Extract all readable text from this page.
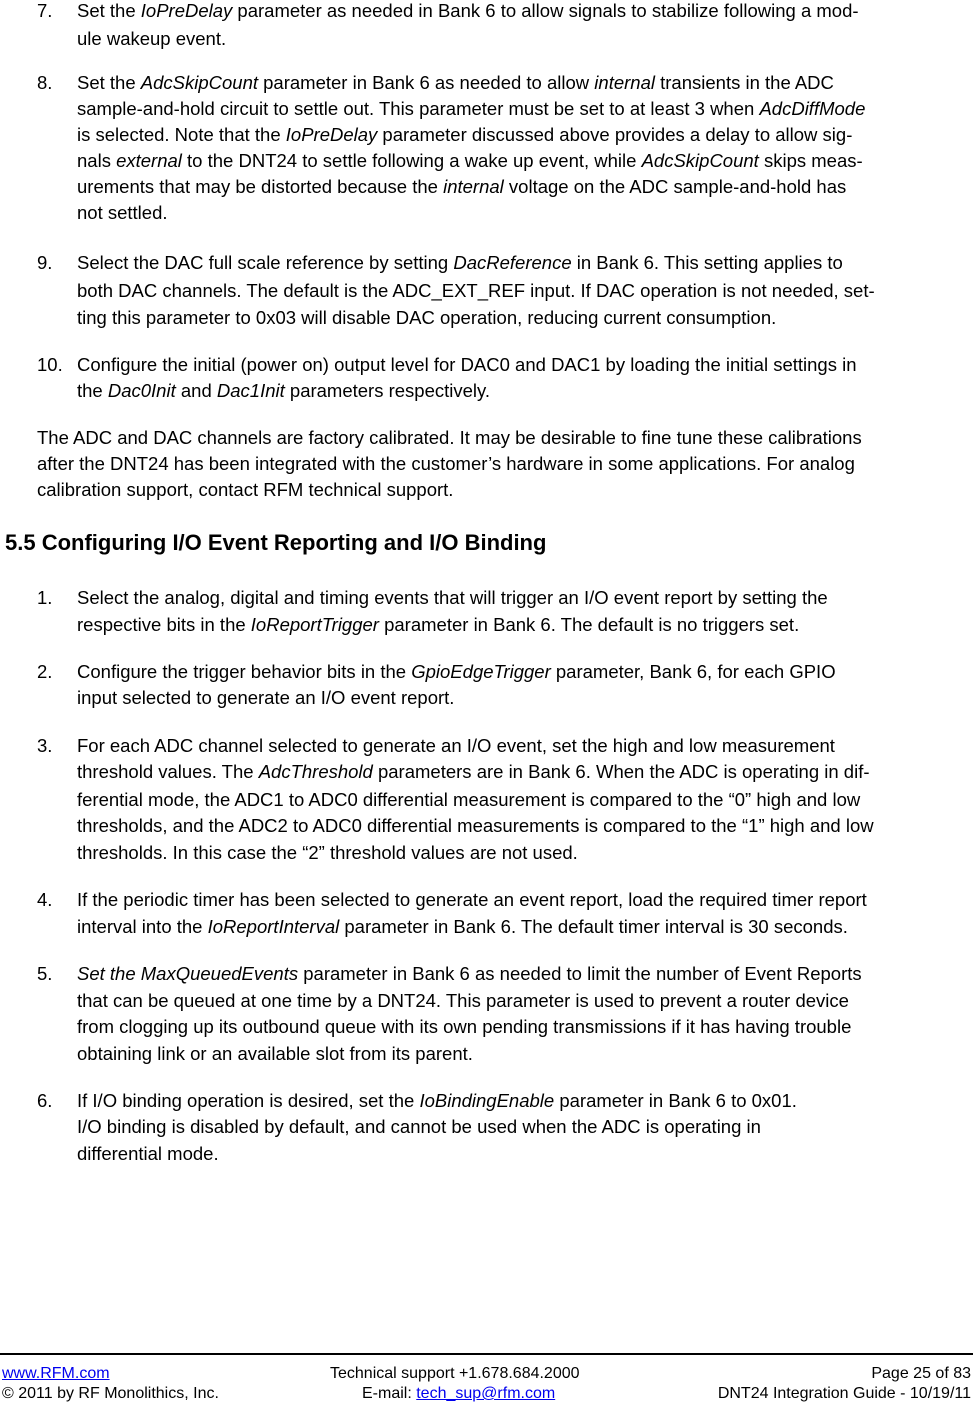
7. Set the IoPreDelay parameter as needed in Bank 6 to allow signals to stabilize following a mod-

ule wakeup event.

8. Set the AdcSkipCount parameter in Bank 6 as needed to allow internal transients in the ADC

sample-and-hold circuit to settle out. This parameter must be set to at least 3 when AdcDiffMode

is selected. Note that the IoPreDelay parameter discussed above provides a delay to allow sig-

nals external to the DNT24 to settle following a wake up event, while AdcSkipCount skips meas-

urements that may be distorted because the internal voltage on the ADC sample-and-hold has

not settled.

9. Select the DAC full scale reference by setting DacReference in Bank 6. This setting applies to

both DAC channels. The default is the ADC_EXT_REF input. If DAC operation is not needed, set-

ting this parameter to 0x03 will disable DAC operation, reducing current consumption.

10. Configure the initial (power on) output level for DAC0 and DAC1 by loading the initial settings in

the Dac0Init and Dac1Init parameters respectively.

The ADC and DAC channels are factory calibrated. It may be desirable to fine tune these calibrations

after the DNT24 has been integrated with the customer’s hardware in some applications. For analog

calibration support, contact RFM technical support.

5.5 Configuring I/O Event Reporting and I/O Binding
1. Select the analog, digital and timing events that will trigger an I/O event report by setting the

respective bits in the IoReportTrigger parameter in Bank 6. The default is no triggers set.

2. Configure the trigger behavior bits in the GpioEdgeTrigger parameter, Bank 6, for each GPIO

input selected to generate an I/O event report.

3. For each ADC channel selected to generate an I/O event, set the high and low measurement

threshold values. The AdcThreshold parameters are in Bank 6. When the ADC is operating in dif-

ferential mode, the ADC1 to ADC0 differential measurement is compared to the “0” high and low

thresholds, and the ADC2 to ADC0 differential measurements is compared to the “1” high and low

thresholds. In this case the “2” threshold values are not used.

4. If the periodic timer has been selected to generate an event report, load the required timer report

interval into the IoReportInterval parameter in Bank 6. The default timer interval is 30 seconds.

5. Set the MaxQueuedEvents parameter in Bank 6 as needed to limit the number of Event Reports

that can be queued at one time by a DNT24. This parameter is used to prevent a router device

from clogging up its outbound queue with its own pending transmissions if it has having trouble

obtaining link or an available slot from its parent.

6. If I/O binding operation is desired, set the IoBindingEnable parameter in Bank 6 to 0x01.

I/O binding is disabled by default, and cannot be used when the ADC is operating in

differential mode.

www.RFM.com

© 2011 by RF Monolithics, Inc.

Technical support +1.678.684.2000

E-mail: tech_sup@rfm.com

Page 25 of 83

DNT24 Integration Guide - 10/19/11
